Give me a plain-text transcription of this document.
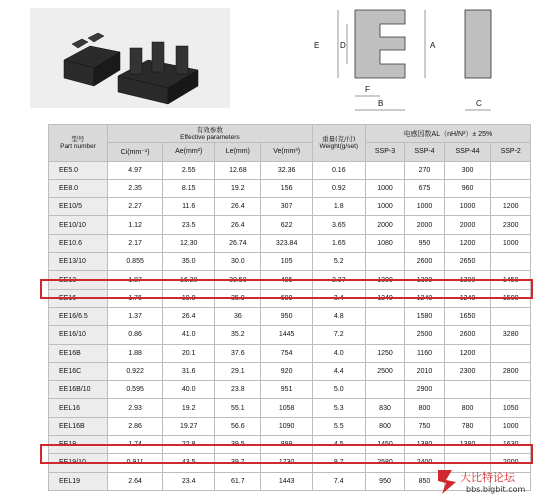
E	D	A
F
B	C
型号
Part number	有效参数
Effective parameters				重量(克/付)
Weight(g/set)	电感因数AL（nH/N²）± 25%			
	Ci(mm⁻¹)	Ae(mm²)	Le(mm)	Ve(mm³)		SSP-3	SSP-4	SSP-44	SSP-2
EE5.0	4.97	2.55	12.68	32.36	0.16		270	300	
EE8.0	2.35	8.15	19.2	156	0.92	1000	675	960	
EE10/5	2.27	11.6	26.4	307	1.8	1000	1000	1000	1200
EE10/10	1.12	23.5	26.4	622	3.65	2000	2000	2000	2300
EE10.6	2.17	12.30	26.74	323.84	1.65	1080	950	1200	1000
EE13/10	0.855	35.0	30.0	105	5.2		2600	2650	
EE13	1.87	16.20	30.50	495	2.37	1300	1300	1300	1450
EE16	1.76	19.0	35.0	699	3.4	1240	1240	1240	1500
EE16/6.5	1.37	26.4	36	950	4.8		1580	1650	
EE16/10	0.86	41.0	35.2	1445	7.2		2500	2600	3280
EE16B	1.88	20.1	37.6	754	4.0	1250	1160	1200	
EE16C	0.922	31.6	29.1	920	4.4	2500	2010	2300	2800
EE16B/10	0.595	40.0	23.8	951	5.0		2900		
EEL16	2.93	19.2	55.1	1058	5.3	830	800	800	1050
EEL16B	2.86	19.27	56.6	1090	5.5	800	750	780	1000
EE19	1.74	22.8	39.5	899	4.5	1450	1380	1380	1630
EE19/10	0.911	43.5	39.7	1730	8.7	2580	2400		2000
EEL19	2.64	23.4	61.7	1443	7.4	950	850			大比特论坛
bbs.bigbit.com
